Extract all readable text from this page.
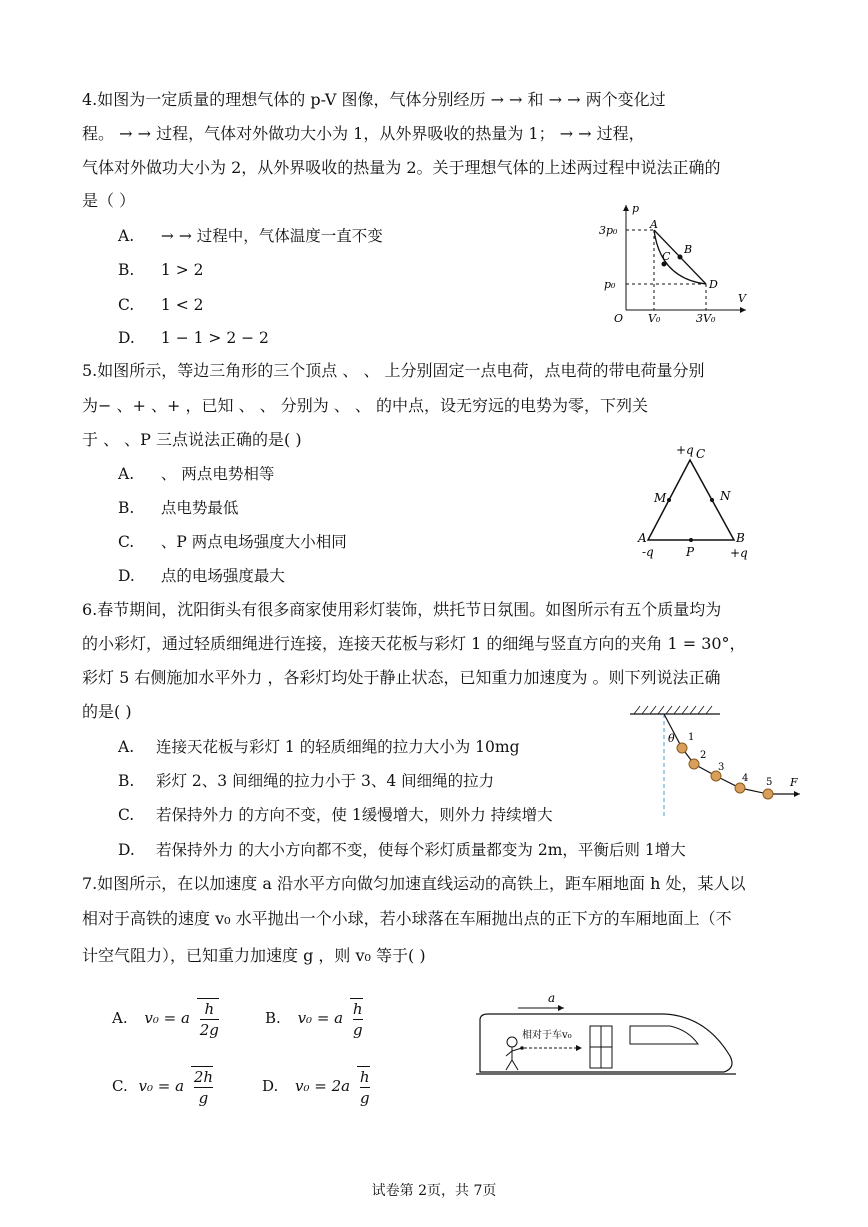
4.如图为一定质量的理想气体的 p-V 图像，气体分别经历 → → 和 → → 两个变化过
程。 → → 过程，气体对外做功大小为 1，从外界吸收的热量为 1； → → 过程，
气体对外做功大小为 2，从外界吸收的热量为 2。关于理想气体的上述两过程中说法正确的
是（ ）
A. → → 过程中，气体温度一直不变
B. 1 > 2
C. 1 < 2
D. 1 − 1 > 2 − 2
p
V
O
3p₀
p₀
V₀	3V₀
A
B
C
D
5.如图所示，等边三角形的三个顶点 、 、 上分别固定一点电荷，点电荷的带电荷量分别
为− 、+ 、+ ，已知 、 、 分别为 、 、 的中点，设无穷远的电势为零，下列关
于 、 、P 三点说法正确的是( )
A. 、 两点电势相等
B. 点电势最低
C. 、P 两点电场强度大小相同
D. 点的电场强度最大
+q C
M	N
A	B
-q	P	+q
6.春节期间，沈阳街头有很多商家使用彩灯装饰，烘托节日氛围。如图所示有五个质量均为
的小彩灯，通过轻质细绳进行连接，连接天花板与彩灯 1 的细绳与竖直方向的夹角 1 = 30°，
彩灯 5 右侧施加水平外力 ，各彩灯均处于静止状态，已知重力加速度为 。则下列说法正确
的是( )
A. 连接天花板与彩灯 1 的轻质细绳的拉力大小为 10mg
B. 彩灯 2、3 间细绳的拉力小于 3、4 间细绳的拉力
C. 若保持外力 的方向不变，使 1缓慢增大，则外力 持续增大
D. 若保持外力 的大小方向都不变，使每个彩灯质量都变为 2m，平衡后则 1增大
θ 1
2
3
4 5 F
7.如图所示，在以加速度 a 沿水平方向做匀加速直线运动的高铁上，距车厢地面 h 处，某人以
相对于高铁的速度 v₀ 水平抛出一个小球，若小球落在车厢抛出点的正下方的车厢地面上（不
计空气阻力），已知重力加速度 g ，则 v₀ 等于( )
A. v₀ = a $\frac{h}{2g}$	B. v₀ = a $\frac{h}{g}$
C. v₀ = a $\frac{2h}{g}$	D. $v_0 = 2a \frac{h}{g}$
a
相对于车v₀
试卷第 2页，共 7页
